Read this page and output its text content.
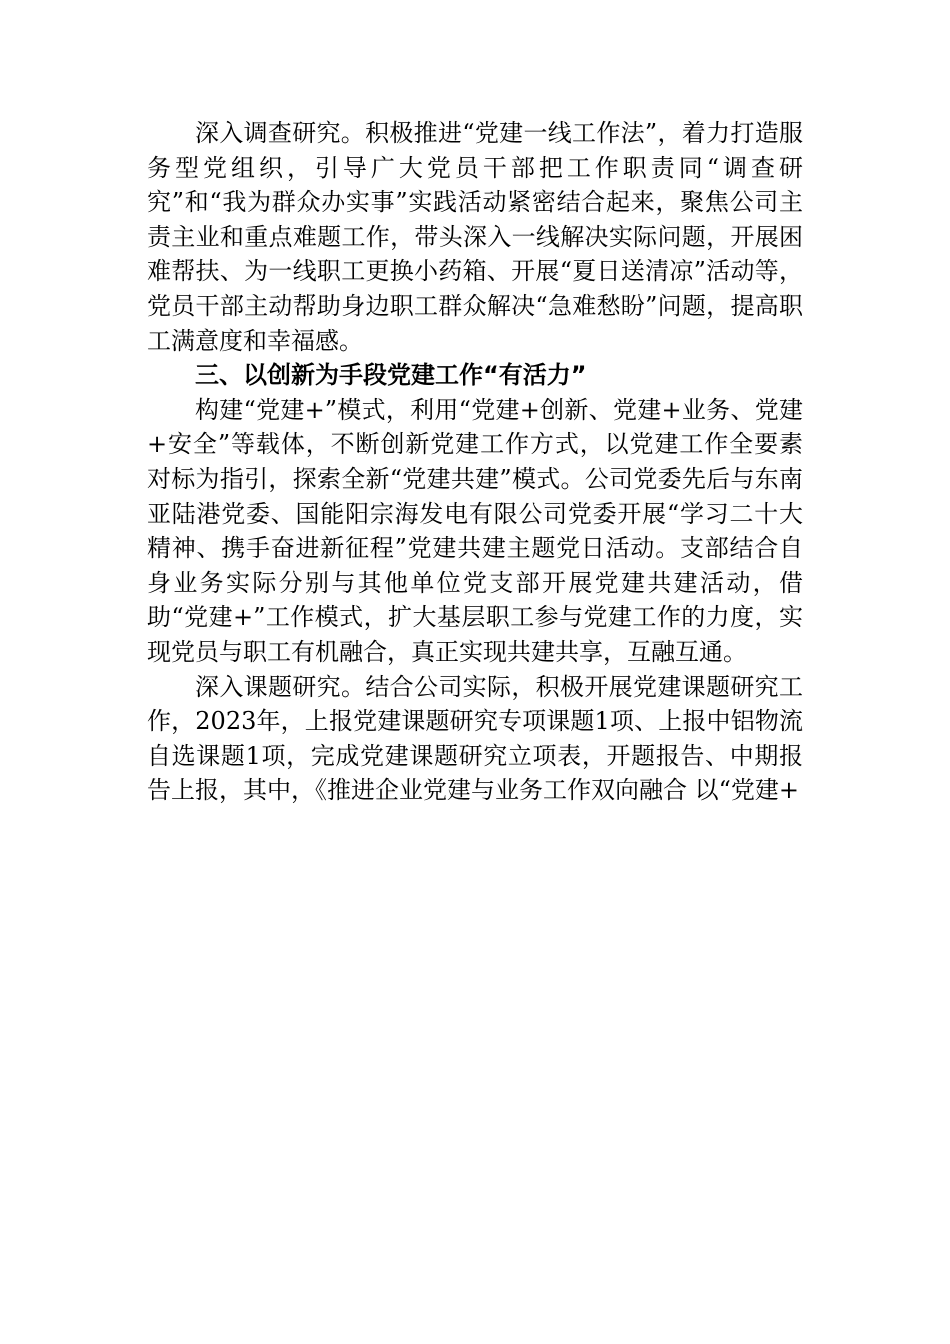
深入调查研究。积极推进“党建一线工作法”，着力打造服务型党组织，引导广大党员干部把工作职责同“调查研究”和“我为群众办实事”实践活动紧密结合起来，聚焦公司主责主业和重点难题工作，带头深入一线解决实际问题，开展困难帮扶、为一线职工更换小药箱、开展“夏日送清凉”活动等，党员干部主动帮助身边职工群众解决“急难愁盼”问题，提高职工满意度和幸福感。

三、以创新为手段党建工作“有活力”

构建“党建+”模式，利用“党建+创新、党建+业务、党建+安全”等载体，不断创新党建工作方式，以党建工作全要素对标为指引，探索全新“党建共建”模式。公司党委先后与东南亚陆港党委、国能阳宗海发电有限公司党委开展“学习二十大精神、携手奋进新征程”党建共建主题党日活动。支部结合自身业务实际分别与其他单位党支部开展党建共建活动，借助“党建+”工作模式，扩大基层职工参与党建工作的力度，实现党员与职工有机融合，真正实现共建共享，互融互通。

深入课题研究。结合公司实际，积极开展党建课题研究工作，2023年，上报党建课题研究专项课题1项、上报中铝物流自选课题1项，完成党建课题研究立项表，开题报告、中期报告上报，其中，《推进企业党建与业务工作双向融合 以“党建+
